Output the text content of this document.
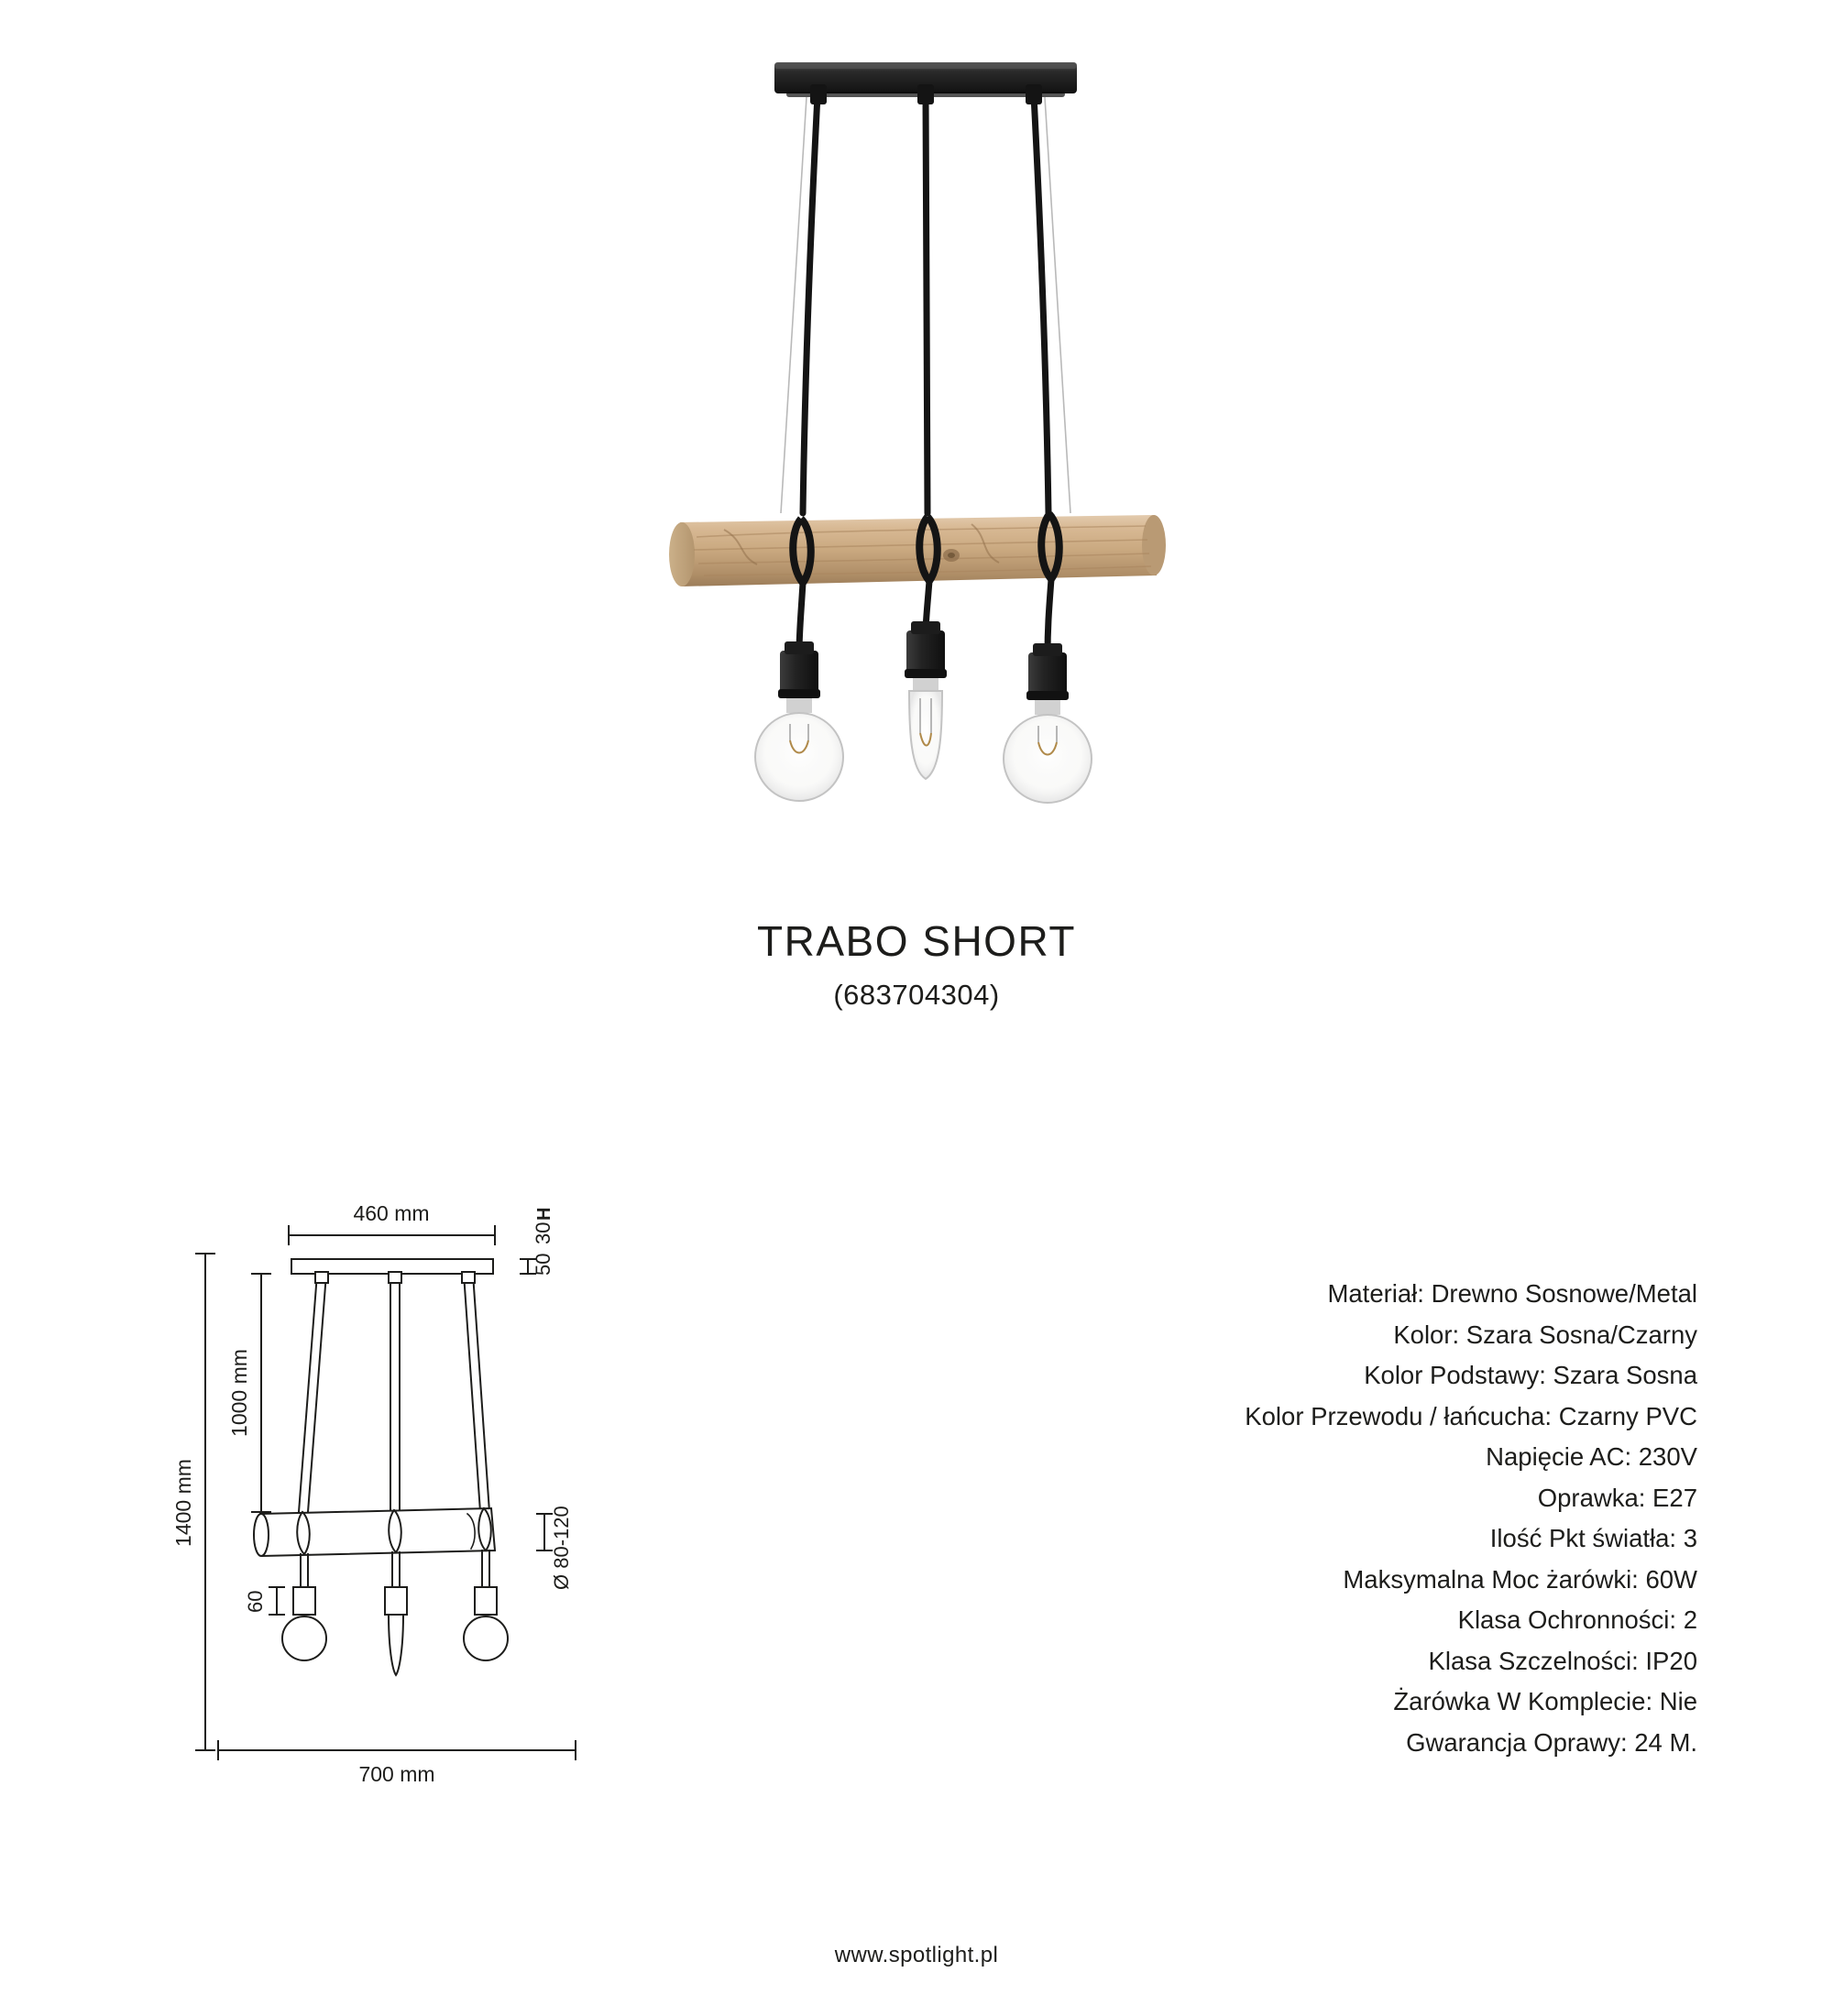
TRABO SHORT
(683704304)
460 mm
1400 mm
1000 mm
700 mm
50
30
H
Ø 80-120
60
Materiał: Drewno Sosnowe/Metal
Kolor: Szara Sosna/Czarny
Kolor Podstawy: Szara Sosna
Kolor Przewodu / łańcucha: Czarny PVC
Napięcie AC: 230V
Oprawka: E27
Ilość Pkt światła: 3
Maksymalna Moc żarówki: 60W
Klasa Ochronności: 2
Klasa Szczelności: IP20
Żarówka W Komplecie: Nie
Gwarancja Oprawy: 24 M.
www.spotlight.pl
